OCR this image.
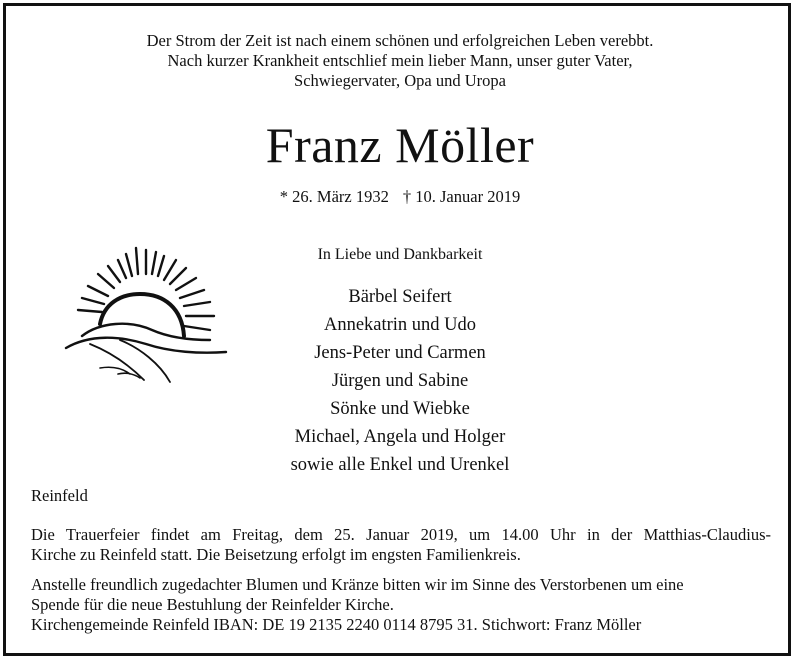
Der Strom der Zeit ist nach einem schönen und erfolgreichen Leben verebbt.
Nach kurzer Krankheit entschlief mein lieber Mann, unser guter Vater,
Schwiegervater, Opa und Uropa
Franz Möller
* 26. März 1932 † 10. Januar 2019
In Liebe und Dankbarkeit
Bärbel Seifert
Annekatrin und Udo
Jens-Peter und Carmen
Jürgen und Sabine
Sönke und Wiebke
Michael, Angela und Holger
sowie alle Enkel und Urenkel
Reinfeld
Die Trauerfeier findet am Freitag, dem 25. Januar 2019, um 14.00 Uhr in der Matthias-Claudius-
Kirche zu Reinfeld statt. Die Beisetzung erfolgt im engsten Familienkreis.
Anstelle freundlich zugedachter Blumen und Kränze bitten wir im Sinne des Verstorbenen um eine
Spende für die neue Bestuhlung der Reinfelder Kirche.
Kirchengemeinde Reinfeld IBAN: DE 19 2135 2240 0114 8795 31. Stichwort: Franz Möller
